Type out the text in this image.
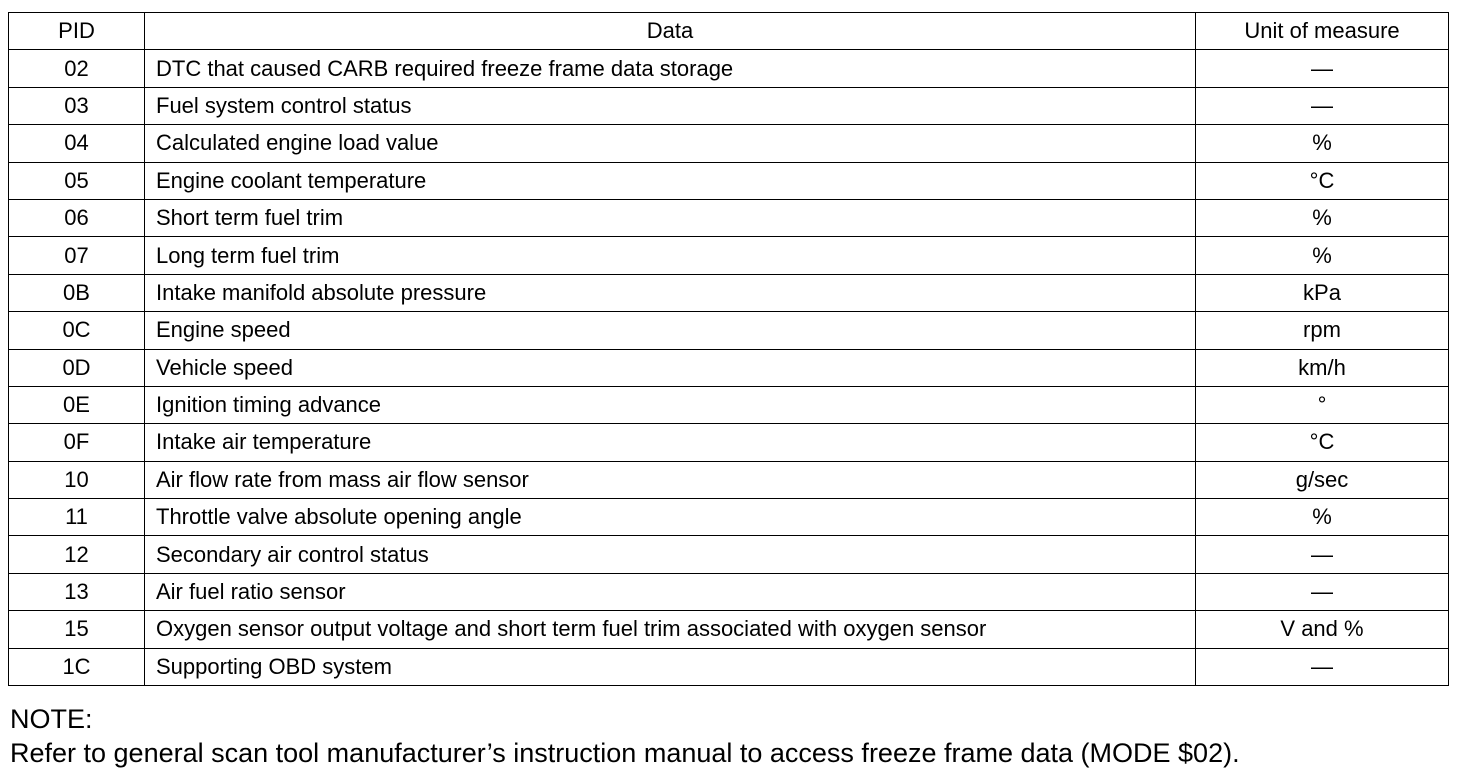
PID	Data	Unit of measure
02	DTC that caused CARB required freeze frame data storage	—
03	Fuel system control status	—
04	Calculated engine load value	%
05	Engine coolant temperature	°C
06	Short term fuel trim	%
07	Long term fuel trim	%
0B	Intake manifold absolute pressure	kPa
0C	Engine speed	rpm
0D	Vehicle speed	km/h
0E	Ignition timing advance	°
0F	Intake air temperature	°C
10	Air flow rate from mass air flow sensor	g/sec
11	Throttle valve absolute opening angle	%
12	Secondary air control status	—
13	Air fuel ratio sensor	—
15	Oxygen sensor output voltage and short term fuel trim associated with oxygen sensor	V and %
1C	Supporting OBD system	—
NOTE:
Refer to general scan tool manufacturer’s instruction manual to access freeze frame data (MODE $02).
